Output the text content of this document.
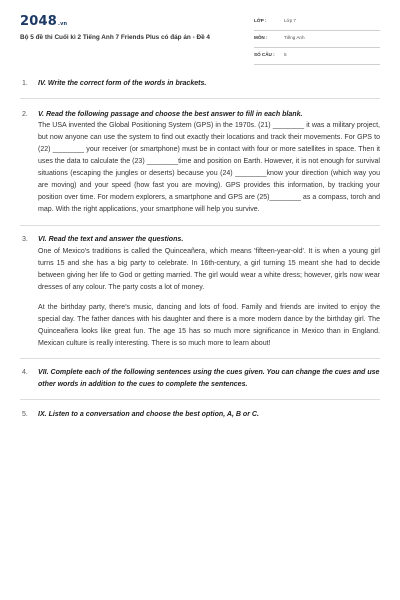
2048.vn
Bộ 5 đề thi Cuối kì 2 Tiếng Anh 7 Friends Plus có đáp án - Đề 4
LỚP :	Lớp 7
MÔN :	Tiếng Anh
SỐ CÂU : 5
1. IV. Write the correct form of the words in brackets.
2. V. Read the following passage and choose the best answer to fill in each blank.

The USA invented the Global Positioning System (GPS) in the 1970s. (21) ________ it was a military project, but now anyone can use the system to find out exactly their locations and track their movements. For GPS to (22) ________ your receiver (or smartphone) must be in contact with four or more satellites in space. Then it uses the data to calculate the (23) ________time and position on Earth. However, it is not enough for survival situations (escaping the jungles or deserts) because you (24) ________know your direction (which way you are moving) and your speed (how fast you are moving). GPS provides this information, by tracking your position over time. For modern explorers, a smartphone and GPS are (25)________ as a compass, torch and map. With the right applications, your smartphone will help you survive.

3. VI. Read the text and answer the questions.

One of Mexico's traditions is called the Quinceañera, which means 'fifteen-year-old'. It is when a young girl turns 15 and she has a big party to celebrate. In 16th-century, a girl turning 15 meant she had to decide between giving her life to God or getting married. The girl would wear a white dress; however, girls now wear dresses of any colour. The party costs a lot of money.

At the birthday party, there's music, dancing and lots of food. Family and friends are invited to enjoy the special day. The father dances with his daughter and there is a more modern dance by the birthday girl. The Quinceañera looks like great fun. The age 15 has so much more significance in Mexico than in England. Mexican culture is really interesting. There is so much more to learn about!

4. VII. Complete each of the following sentences using the cues given. You can change the cues and use other words in addition to the cues to complete the sentences.
5. IX. Listen to a conversation and choose the best option, A, B or C.
